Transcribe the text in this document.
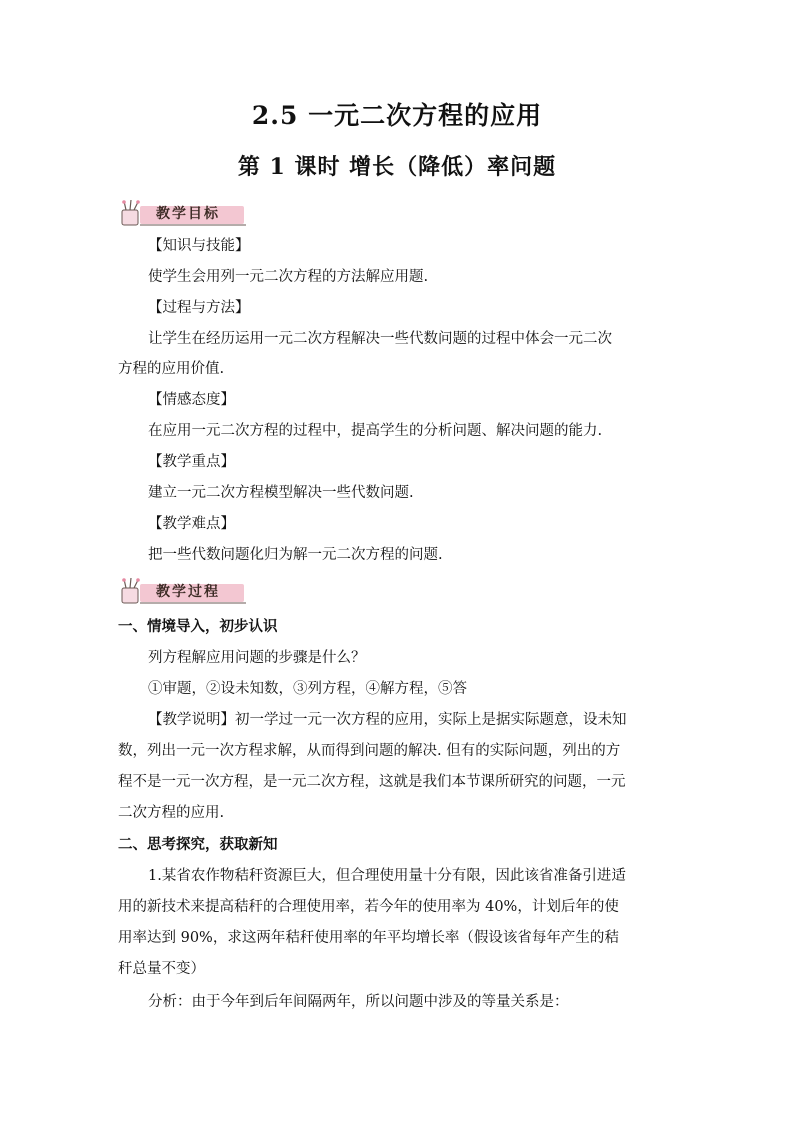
2.5 一元二次方程的应用
第 1 课时 增长（降低）率问题
教学目标
【知识与技能】
使学生会用列一元二次方程的方法解应用题.
【过程与方法】
让学生在经历运用一元二次方程解决一些代数问题的过程中体会一元二次
方程的应用价值.
【情感态度】
在应用一元二次方程的过程中，提高学生的分析问题、解决问题的能力.
【教学重点】
建立一元二次方程模型解决一些代数问题.
【教学难点】
把一些代数问题化归为解一元二次方程的问题.
教学过程
一、情境导入，初步认识
列方程解应用问题的步骤是什么？
①审题，②设未知数，③列方程，④解方程，⑤答
【教学说明】初一学过一元一次方程的应用，实际上是据实际题意，设未知
数，列出一元一次方程求解，从而得到问题的解决. 但有的实际问题，列出的方
程不是一元一次方程，是一元二次方程，这就是我们本节课所研究的问题，一元
二次方程的应用.
二、思考探究，获取新知
1.某省农作物秸秆资源巨大，但合理使用量十分有限，因此该省准备引进适
用的新技术来提高秸秆的合理使用率，若今年的使用率为 40%，计划后年的使
用率达到 90%，求这两年秸秆使用率的年平均增长率（假设该省每年产生的秸
秆总量不变）
分析：由于今年到后年间隔两年，所以问题中涉及的等量关系是：
